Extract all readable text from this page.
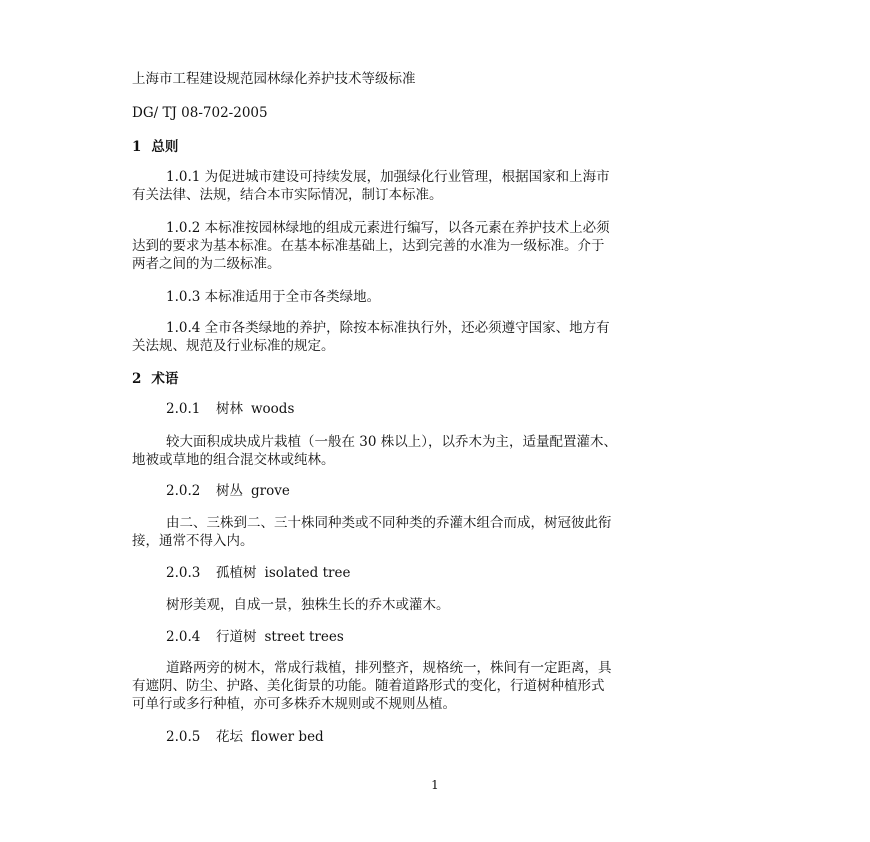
上海市工程建设规范园林绿化养护技术等级标准
DG/ TJ 08-702-2005
1 总则
1.0.1 为促进城市建设可持续发展，加强绿化行业管理，根据国家和上海市
有关法律、法规，结合本市实际情况，制订本标准。
1.0.2 本标准按园林绿地的组成元素进行编写，以各元素在养护技术上必须
达到的要求为基本标准。在基本标准基础上，达到完善的水准为一级标准。介于
两者之间的为二级标准。
1.0.3 本标准适用于全市各类绿地。
1.0.4 全市各类绿地的养护，除按本标准执行外，还必须遵守国家、地方有
关法规、规范及行业标准的规定。
2 术语
2.0.1 树林 woods
较大面积成块成片栽植（一般在 30 株以上），以乔木为主，适量配置灌木、
地被或草地的组合混交林或纯林。
2.0.2 树丛 grove
由二、三株到二、三十株同种类或不同种类的乔灌木组合而成，树冠彼此衔
接，通常不得入内。
2.0.3 孤植树 isolated tree
树形美观，自成一景，独株生长的乔木或灌木。
2.0.4 行道树 street trees
道路两旁的树木，常成行栽植，排列整齐，规格统一，株间有一定距离，具
有遮阴、防尘、护路、美化街景的功能。随着道路形式的变化，行道树种植形式
可单行或多行种植，亦可多株乔木规则或不规则丛植。
2.0.5 花坛 flower bed
1
